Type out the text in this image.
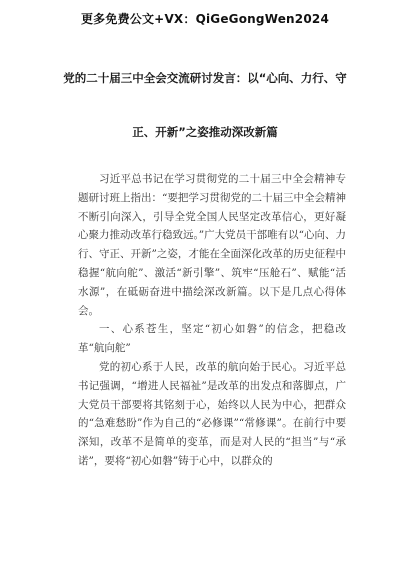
更多免费公文+VX：QiGeGongWen2024
党的二十届三中全会交流研讨发言：以“心向、力行、守
正、开新”之姿推动深改新篇

习近平总书记在学习贯彻党的二十届三中全会精神专题研讨班上指出：“要把学习贯彻党的二十届三中全会精神不断引向深入，引导全党全国人民坚定改革信心，更好凝心聚力推动改革行稳致远。”广大党员干部唯有以“心向、力行、守正、开新”之姿，才能在全面深化改革的历史征程中稳握“航向舵”、激活“新引擎”、筑牢“压舱石”、赋能“活水源”，在砥砺奋进中描绘深改新篇。以下是几点心得体会。

一、心系苍生，坚定“初心如磐”的信念，把稳改革“航向舵”

党的初心系于人民，改革的航向始于民心。习近平总书记强调，“增进人民福祉”是改革的出发点和落脚点，广大党员干部要将其铭刻于心，始终以人民为中心，把群众的“急难愁盼”作为自己的“必修课”“常修课”。在前行中要深知，改革不是简单的变革，而是对人民的“担当”与“承诺”，要将“初心如磐”铸于心中，以群众的
